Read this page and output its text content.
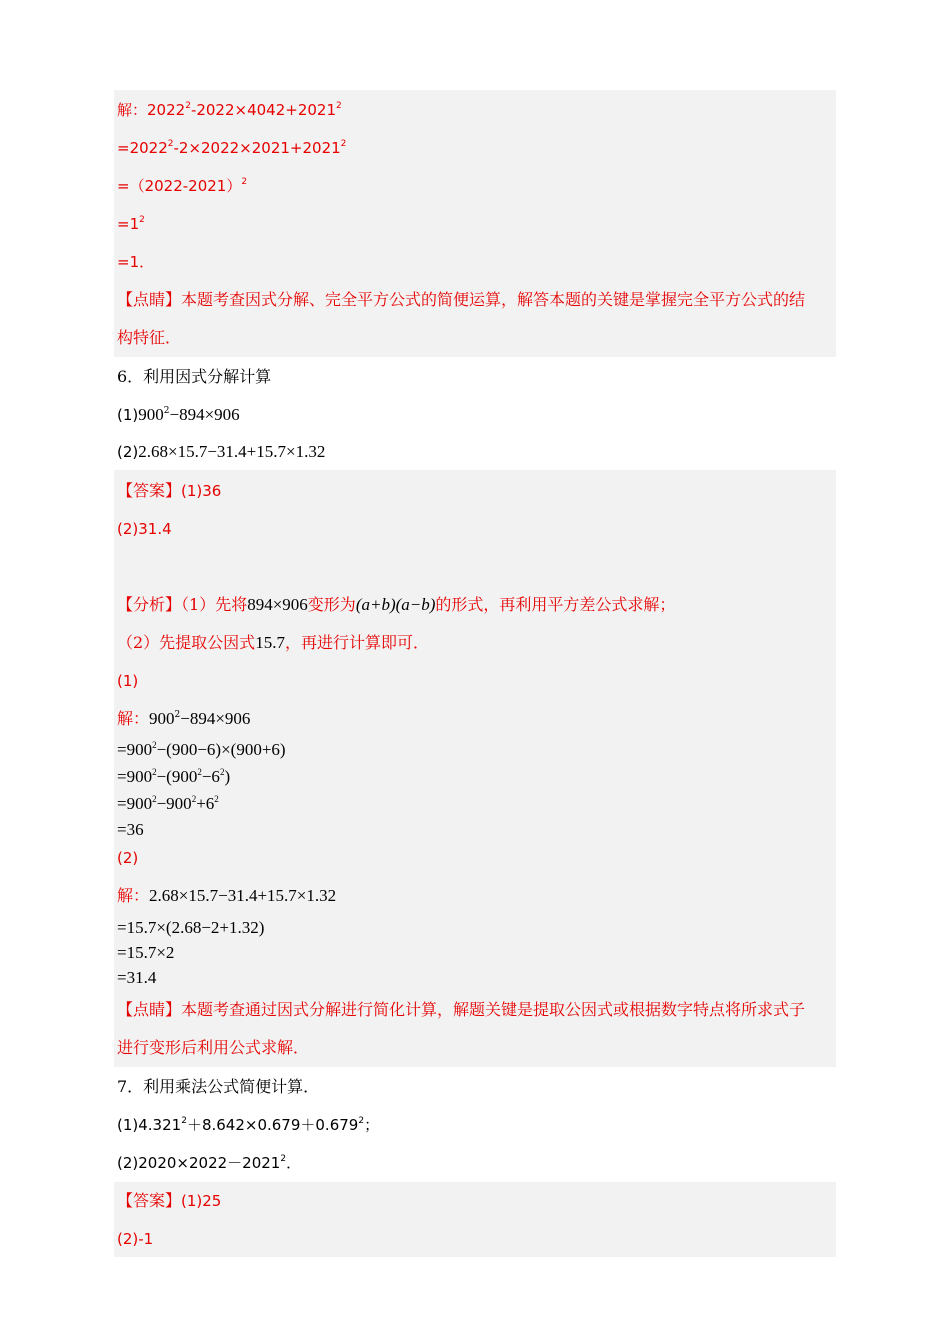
解：$2022^2-2022\times 4042+2021^2$
$=2022^2-2\times 2022\times 2021+2021^2$
=（2022-2021）$^2$
$=1^2$
=1．
【点睛】本题考查因式分解、完全平方公式的简便运算，解答本题的关键是掌握完全平方公式的结
构特征．
6．利用因式分解计算
$(1)900^2-894\times 906$
(2)2.68×15.7−31.4+15.7×1.32
【答案】(1)36
(2)31.4
【分析】（1）先将894×906变形为(a+b)(a−b)的形式，再利用平方差公式求解；
（2）先提取公因式15.7，再进行计算即可．
(1)
解：$900^2-894\times 906$
$=900^2-(900-6)\times(900+6)$
$=900^2-(900^2-6^2)$
$=900^2-900^2+6^2$
=36
(2)
解：2.68×15.7−31.4+15.7×1.32
=15.7×(2.68−2+1.32)
=15.7×2
=31.4
【点睛】本题考查通过因式分解进行简化计算，解题关键是提取公因式或根据数字特点将所求式子
进行变形后利用公式求解．
7．利用乘法公式简便计算．
$(1)4.321^2+8.642\times 0.679+0.679^2$；
$(2)2020\times 2022-2021^2$．
【答案】(1)25
(2)-1
